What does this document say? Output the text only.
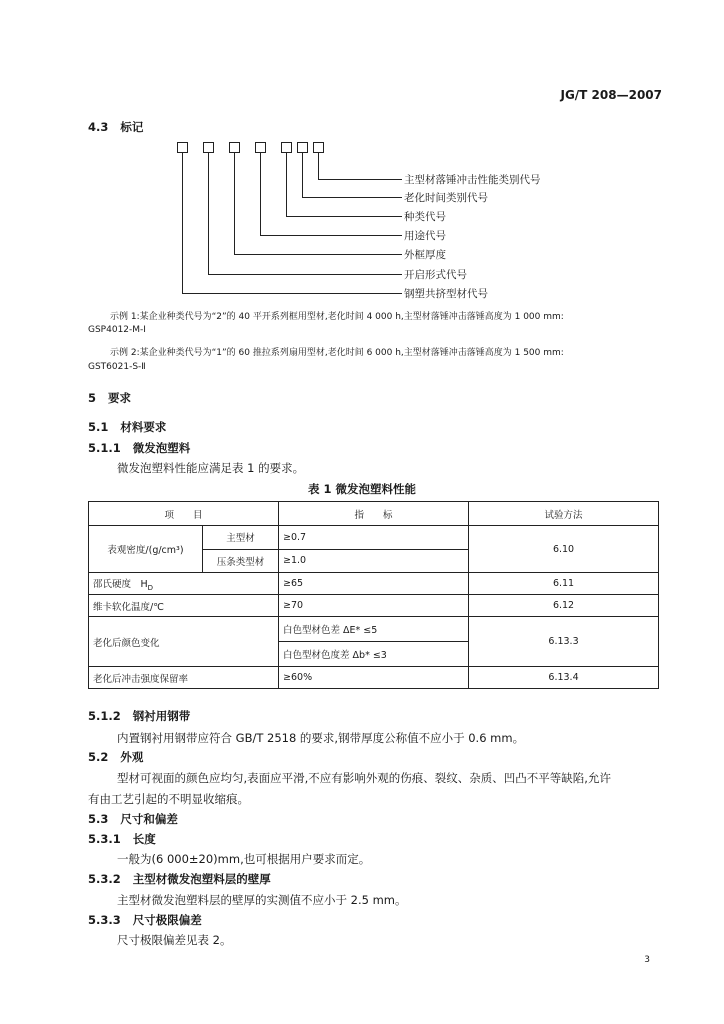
JG/T 208—2007
4.3 标记
主型材落锤冲击性能类别代号
老化时间类别代号
种类代号
用途代号
外框厚度
开启形式代号
钢塑共挤型材代号
示例 1:某企业种类代号为“2”的 40 平开系列框用型材,老化时间 4 000 h,主型材落锤冲击落锤高度为 1 000 mm:
GSP4012-M-Ⅰ
示例 2:某企业种类代号为“1”的 60 推拉系列扇用型材,老化时间 6 000 h,主型材落锤冲击落锤高度为 1 500 mm:
GST6021-S-Ⅱ
5 要求
5.1 材料要求
5.1.1 微发泡塑料
微发泡塑料性能应满足表 1 的要求。
表 1 微发泡塑料性能
项　　目		指　　标	试验方法
表观密度/(g/cm³)	主型材	≥0.7	6.10
	压条类型材	≥1.0	
邵氏硬度　$H_D$		≥65	6.11
维卡软化温度/℃		≥70	6.12
老化后颜色变化		白色型材色差 ΔE* ≤5	6.13.3
		白色型材色度差 Δb* ≤3	
老化后冲击强度保留率		≥60%	6.13.4
5.1.2 钢衬用钢带
内置钢衬用钢带应符合 GB/T 2518 的要求,钢带厚度公称值不应小于 0.6 mm。
5.2 外观
型材可视面的颜色应均匀,表面应平滑,不应有影响外观的伤痕、裂纹、杂质、凹凸不平等缺陷,允许
有由工艺引起的不明显收缩痕。
5.3 尺寸和偏差
5.3.1 长度
一般为(6 000±20)mm,也可根据用户要求而定。
5.3.2 主型材微发泡塑料层的壁厚
主型材微发泡塑料层的壁厚的实测值不应小于 2.5 mm。
5.3.3 尺寸极限偏差
尺寸极限偏差见表 2。
3
